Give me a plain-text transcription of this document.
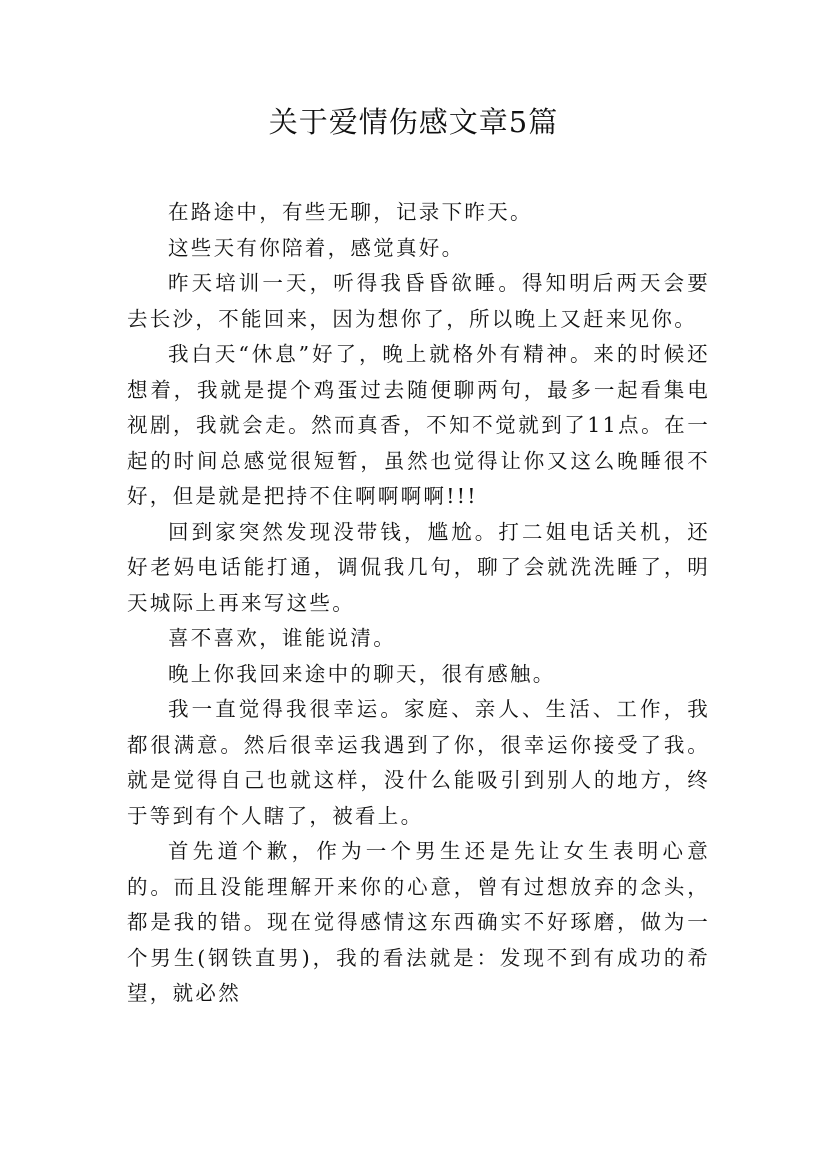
关于爱情伤感文章5篇

在路途中，有些无聊，记录下昨天。

这些天有你陪着，感觉真好。

昨天培训一天，听得我昏昏欲睡。得知明后两天会要去长沙，不能回来，因为想你了，所以晚上又赶来见你。

我白天“休息”好了，晚上就格外有精神。来的时候还想着，我就是提个鸡蛋过去随便聊两句，最多一起看集电视剧，我就会走。然而真香，不知不觉就到了11点。在一起的时间总感觉很短暂，虽然也觉得让你又这么晚睡很不好，但是就是把持不住啊啊啊啊!!!

回到家突然发现没带钱，尴尬。打二姐电话关机，还好老妈电话能打通，调侃我几句，聊了会就洗洗睡了，明天城际上再来写这些。

喜不喜欢，谁能说清。

晚上你我回来途中的聊天，很有感触。

我一直觉得我很幸运。家庭、亲人、生活、工作，我都很满意。然后很幸运我遇到了你，很幸运你接受了我。就是觉得自己也就这样，没什么能吸引到别人的地方，终于等到有个人瞎了，被看上。

首先道个歉，作为一个男生还是先让女生表明心意的。而且没能理解开来你的心意，曾有过想放弃的念头，都是我的错。现在觉得感情这东西确实不好琢磨，做为一个男生(钢铁直男)，我的看法就是：发现不到有成功的希望，就必然
